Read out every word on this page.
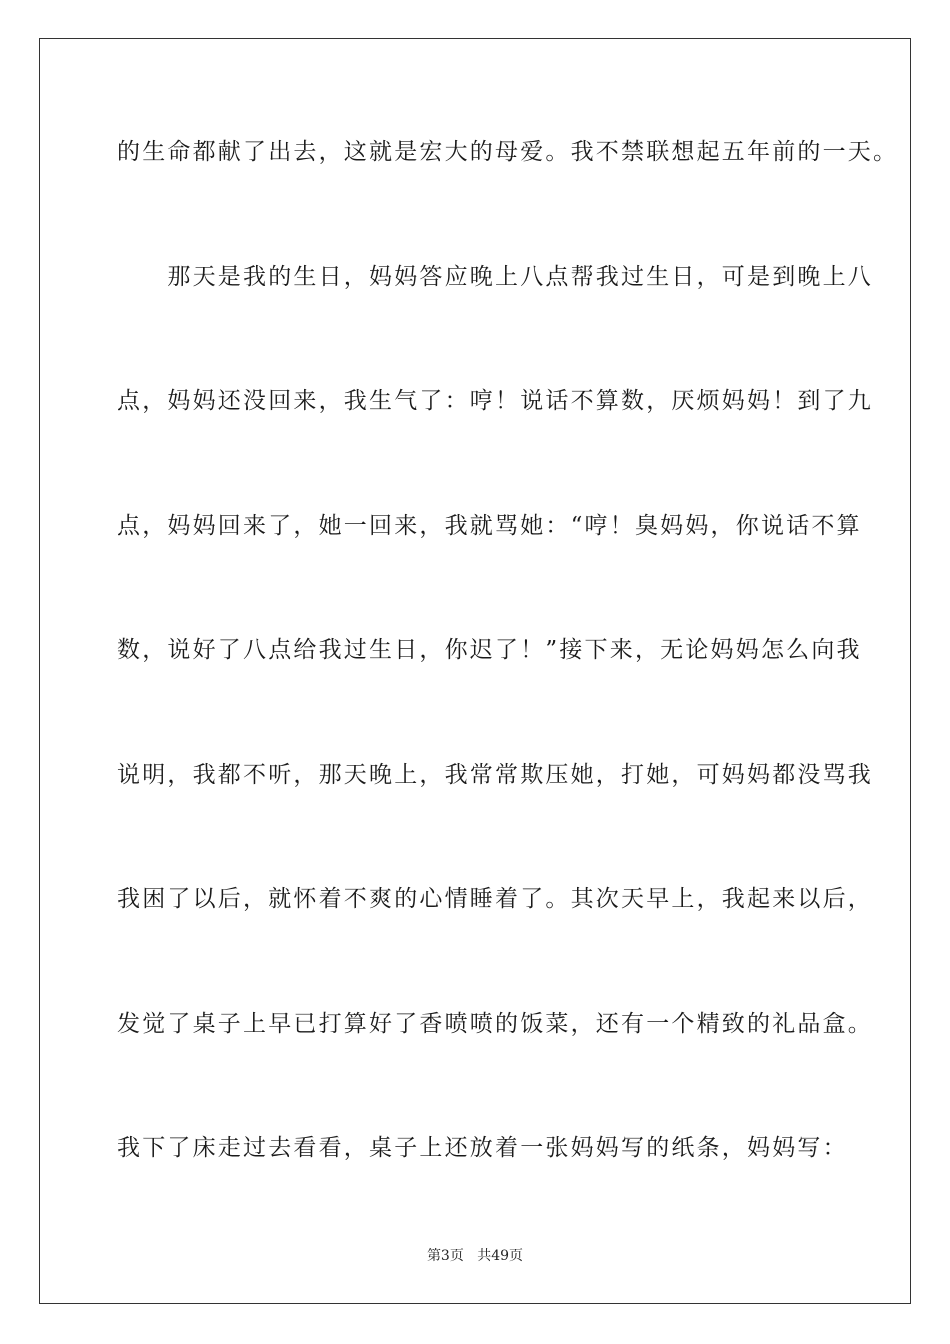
的生命都献了出去，这就是宏大的母爱。我不禁联想起五年前的一天。
　　那天是我的生日，妈妈答应晚上八点帮我过生日，可是到晚上八
点，妈妈还没回来，我生气了：哼！说话不算数，厌烦妈妈！到了九
点，妈妈回来了，她一回来，我就骂她：“哼！臭妈妈，你说话不算
数，说好了八点给我过生日，你迟了！”接下来，无论妈妈怎么向我
说明，我都不听，那天晚上，我常常欺压她，打她，可妈妈都没骂我
我困了以后，就怀着不爽的心情睡着了。其次天早上，我起来以后，
发觉了桌子上早已打算好了香喷喷的饭菜，还有一个精致的礼品盒。
我下了床走过去看看，桌子上还放着一张妈妈写的纸条，妈妈写：
第3页 共49页
